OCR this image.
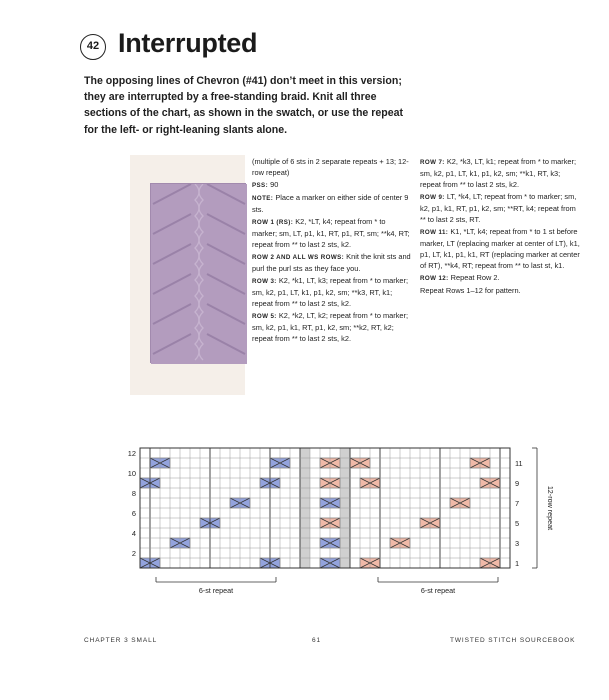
42 Interrupted

The opposing lines of Chevron (#41) don’t meet in this version; they are interrupted by a free-standing braid. Knit all three sections of the chart, as shown in the swatch, or use the repeat for the left- or right-leaning slants alone.

(multiple of 6 sts in 2 separate repeats + 13; 12-row repeat)

PSS: 90

NOTE: Place a marker on either side of center 9 sts.

ROW 1 (RS): K2, *LT, k4; repeat from * to marker; sm, LT, p1, k1, RT, p1, RT, sm; **k4, RT; repeat from ** to last 2 sts, k2.

ROW 2 AND ALL WS ROWS: Knit the knit sts and purl the purl sts as they face you.

ROW 3: K2, *k1, LT, k3; repeat from * to marker; sm, k2, p1, LT, k1, p1, k2, sm; **k3, RT, k1; repeat from ** to last 2 sts, k2.

ROW 5: K2, *k2, LT, k2; repeat from * to marker; sm, k2, p1, k1, RT, p1, k2, sm; **k2, RT, k2; repeat from ** to last 2 sts, k2.

ROW 7: K2, *k3, LT, k1; repeat from * to marker; sm, k2, p1, LT, k1, p1, k2, sm; **k1, RT, k3; repeat from ** to last 2 sts, k2.

ROW 9: LT, *k4, LT; repeat from * to marker; sm, k2, p1, k1, RT, p1, k2, sm; **RT, k4; repeat from ** to last 2 sts, RT.

ROW 11: K1, *LT, k4; repeat from * to 1 st before marker, LT (replacing marker at center of LT), k1, p1, LT, k1, p1, k1, RT (replacing marker at center of RT), **k4, RT; repeat from ** to last st, k1.

ROW 12: Repeat Row 2.

Repeat Rows 1–12 for pattern.

12
10
8
6
4
2
11
9
7
5
3
1
6-st repeat	6-st repeat
12-row repeat
CHAPTER 3 SMALL	61	TWISTED STITCH SOURCEBOOK
